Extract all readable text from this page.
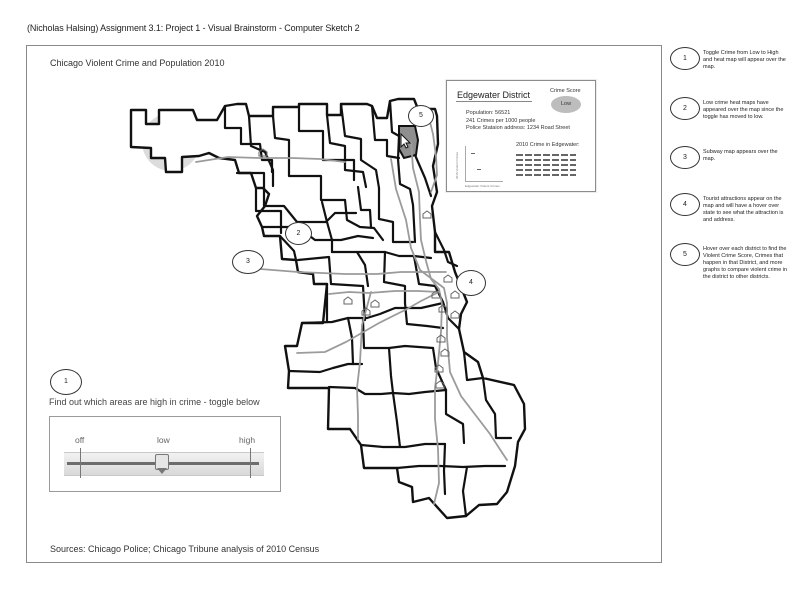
(Nicholas Halsing) Assignment 3.1: Project 1 - Visual Brainstorm - Computer Sketch 2
Chicago Violent Crime and Population 2010
1
2
3
4
5
Find out which areas are high in crime - toggle below
off	low	high
Sources: Chicago Police; Chicago Tribune analysis of 2010 Census
Edgewater District	Crime Score
Low
Population: 56521
241 Crimes per 1000 people
Police Stataion address: 1234 Road Street
2010 Crime in Edgewater:
2010 Violent Crimes
Edgewater Violent Crimes
1
Toggle Crime from Low to High and heat map will appear over the map.
2
Low crime heat maps have appeared over the map since the toggle has moved to low.
3
Subway map appears over the map.
4
Tourist attractions appear on the map and will have a hover over state to see what the attraction is and address.
5
Hover over each district to find the Violent Crime Score, Crimes that happen in that District, and more graphs to compare violent crime in the district to other districts.
